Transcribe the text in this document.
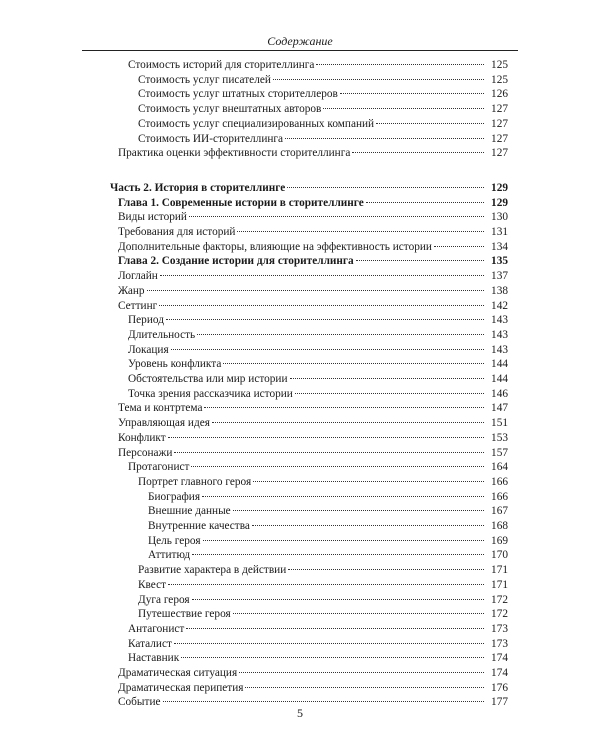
Содержание
Стоимость историй для сторителлинга	125
Стоимость услуг писателей	125
Стоимость услуг штатных сторителлеров	126
Стоимость услуг внештатных авторов	127
Стоимость услуг специализированных компаний	127
Стоимость ИИ-сторителлинга	127
Практика оценки эффективности сторителлинга	127
Часть 2. История в сторителлинге	129
Глава 1. Современные истории в сторителлинге	129
Виды историй	130
Требования для историй	131
Дополнительные факторы, влияющие на эффективность истории	134
Глава 2. Создание истории для сторителлинга	135
Логлайн	137
Жанр	138
Сеттинг	142
Период	143
Длительность	143
Локация	143
Уровень конфликта	144
Обстоятельства или мир истории	144
Точка зрения рассказчика истории	146
Тема и контртема	147
Управляющая идея	151
Конфликт	153
Персонажи	157
Протагонист	164
Портрет главного героя	166
Биография	166
Внешние данные	167
Внутренние качества	168
Цель героя	169
Аттитюд	170
Развитие характера в действии	171
Квест	171
Дуга героя	172
Путешествие героя	172
Антагонист	173
Каталист	173
Наставник	174
Драматическая ситуация	174
Драматическая перипетия	176
Событие	177
5
